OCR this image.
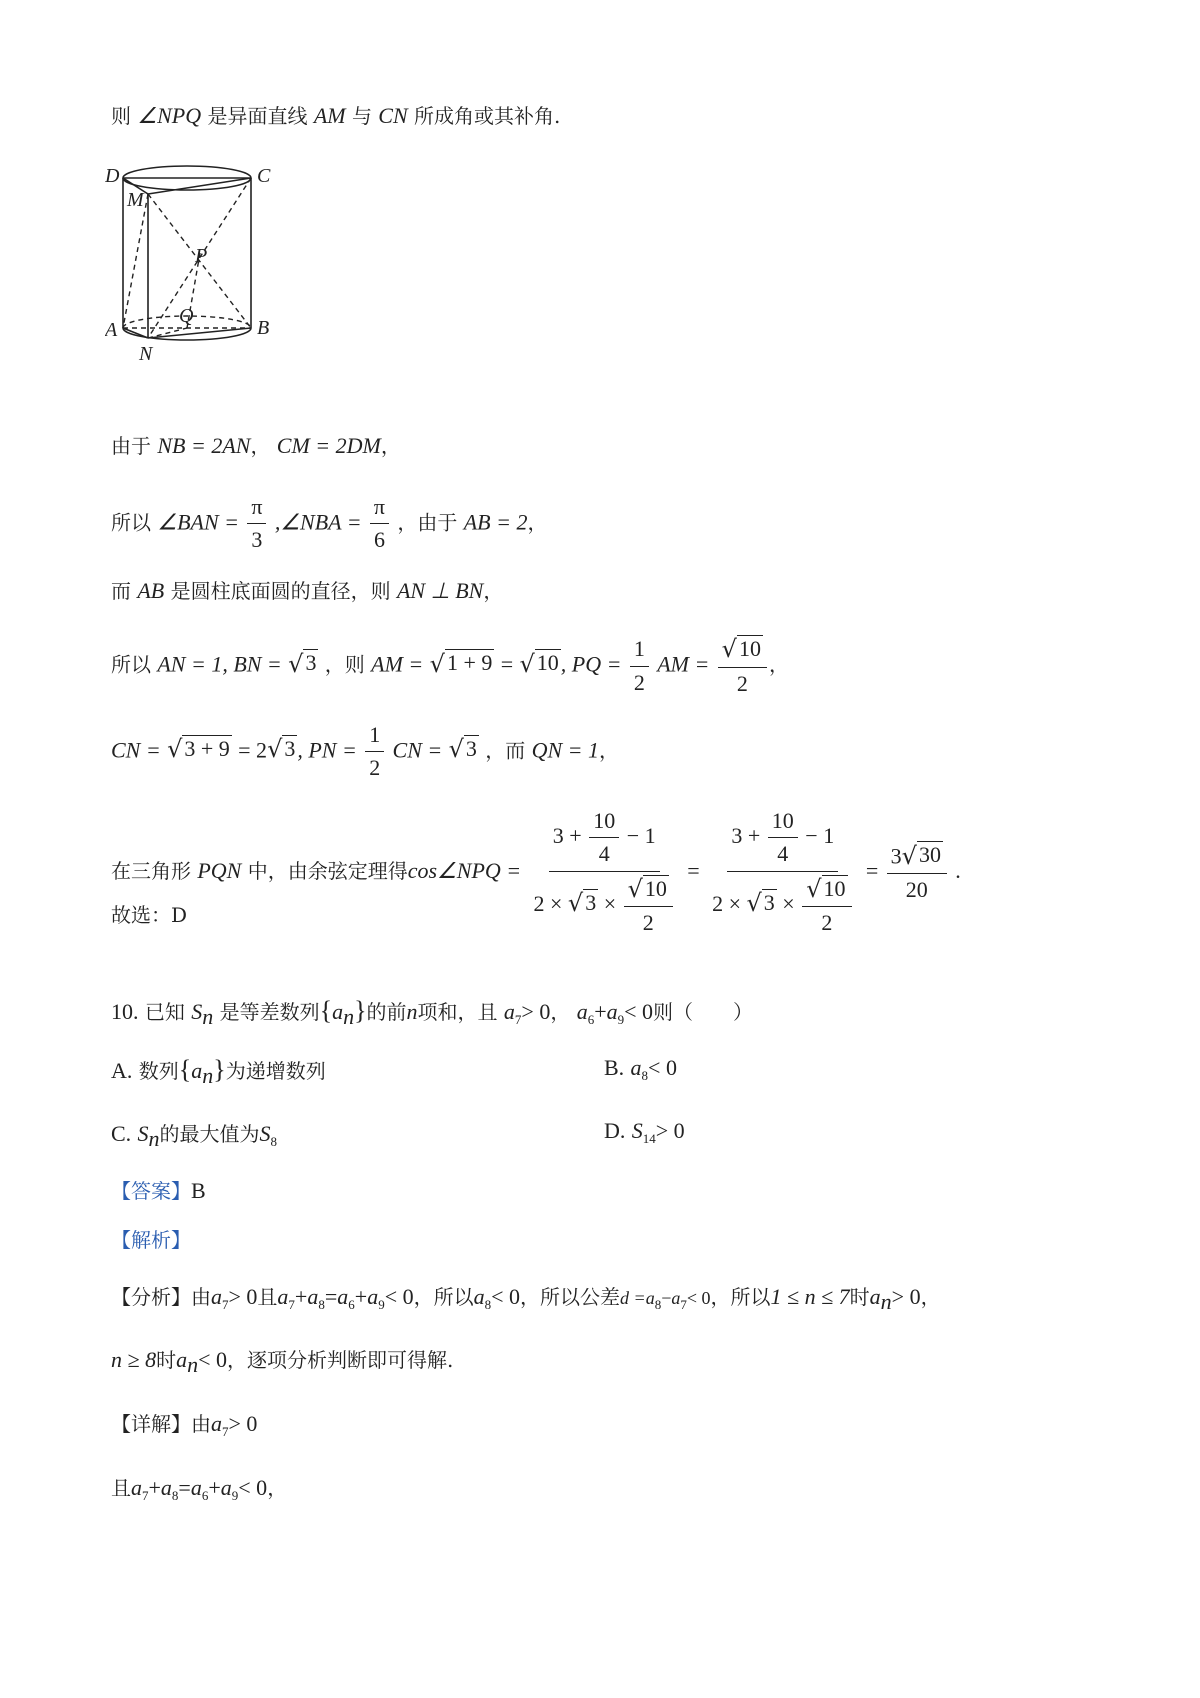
则 ∠NPQ 是异面直线 AM 与 CN 所成角或其补角.
D	C
M
P
Q
A	B
N
由于 NB = 2AN， CM = 2DM，
所以 ∠BAN = $\frac{\pi}{3}$ ,∠NBA = $\frac{\pi}{6}$ ，由于 AB = 2，
而 AB 是圆柱底面圆的直径，则 AN ⊥ BN，
所以 AN = 1, BN = √ 3 ，则 AM = √ 1 + 9 = √ 10 , PQ = $\frac{1}{2}$ AM = $\frac{√ 10}{2}$ ，
CN = √ 3 + 9 = 2 √ 3 , PN = $\frac{1}{2}$ CN = √ 3 ，而 QN = 1，
在三角形 PQN 中，由余弦定理得cos∠NPQ = $\frac{3 + \frac{10}{4} - 1}{2 \times √ 3 \times \frac{√ 10}{2}} = \frac{3 + \frac{10}{4} - 1}{2 \times √ 3 \times \frac{√ 10}{2}} = \frac{3 √ 30}{20}$ .
故选：D
10. 已知 $S_n$ 是等差数列$\{a_n\}$的前n项和，且 $a_7> 0$， $a_6+a_9< 0$则（　　）
A. 数列$\{a_n\}$为递增数列	B. $a_8< 0$
C. $S_n$的最大值为$S_8$	D. $S_{14}> 0$
【答案】B
【解析】
【分析】由$a_7> 0$且$a_7+a_8=a_6+a_9< 0$，所以$a_8< 0$，所以公差$d =a_8-a_7< 0$，所以1 ≤ n ≤ 7时$a_n> 0$，
n ≥ 8时$a_n< 0$，逐项分析判断即可得解.
【详解】由$a_7> 0$
且$a_7+a_8=a_6+a_9< 0$，
